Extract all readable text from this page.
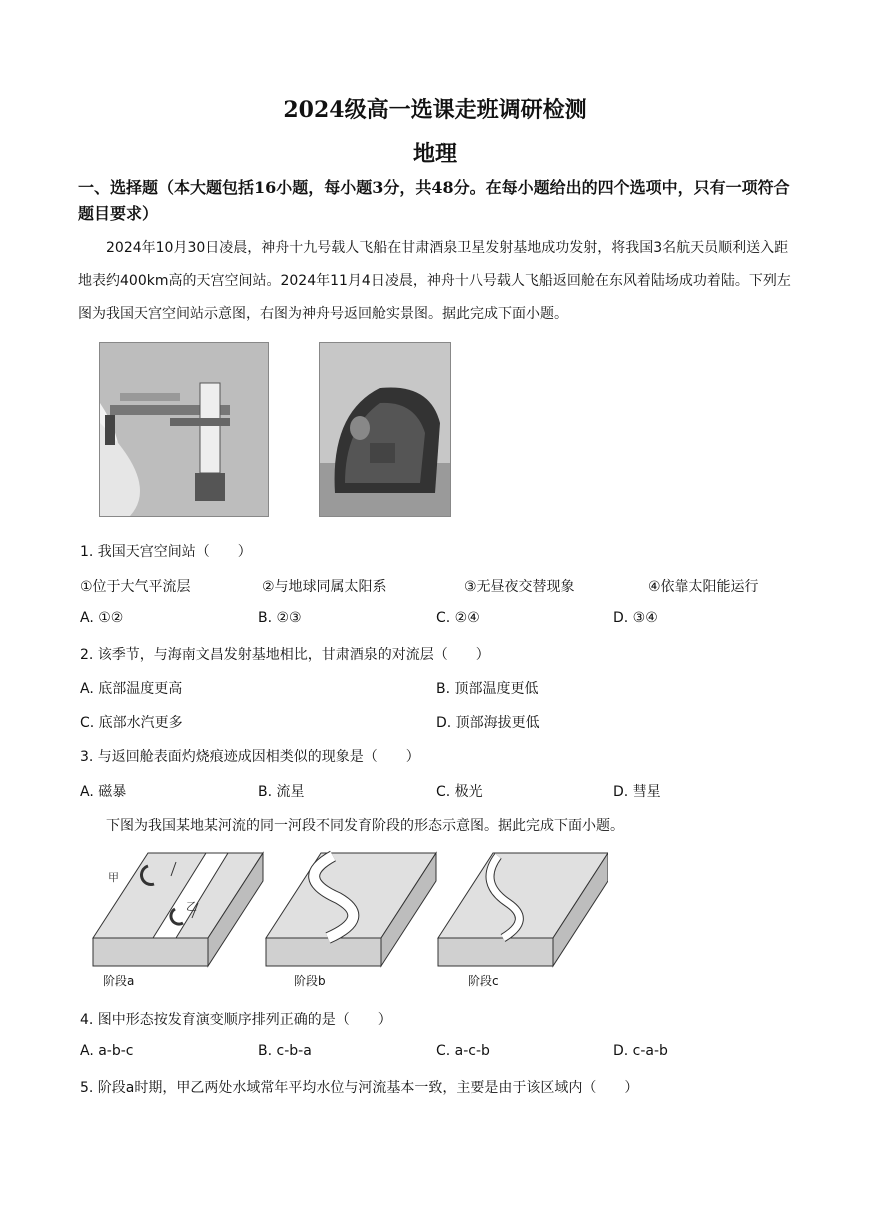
2024级高一选课走班调研检测
地理
一、选择题（本大题包括16小题，每小题3分，共48分。在每小题给出的四个选项中，只有一项符合题目要求）
2024年10月30日凌晨，神舟十九号载人飞船在甘肃酒泉卫星发射基地成功发射，将我国3名航天员顺利送入距地表约400km高的天宫空间站。2024年11月4日凌晨，神舟十八号载人飞船返回舱在东风着陆场成功着陆。下列左图为我国天宫空间站示意图，右图为神舟号返回舱实景图。据此完成下面小题。
1. 我国天宫空间站（　　）
①位于大气平流层	②与地球同属太阳系	③无昼夜交替现象	④依靠太阳能运行
A. ①②	B. ②③	C. ②④	D. ③④
2. 该季节，与海南文昌发射基地相比，甘肃酒泉的对流层（　　）
A. 底部温度更高	B. 顶部温度更低
C. 底部水汽更多	D. 顶部海拔更低
3. 与返回舱表面灼烧痕迹成因相类似的现象是（　　）
A. 磁暴	B. 流星	C. 极光	D. 彗星
下图为我国某地某河流的同一河段不同发育阶段的形态示意图。据此完成下面小题。
甲
乙
阶段a	阶段b	阶段c
4. 图中形态按发育演变顺序排列正确的是（　　）
A. a-b-c	B. c-b-a	C. a-c-b	D. c-a-b
5. 阶段a时期，甲乙两处水域常年平均水位与河流基本一致，主要是由于该区域内（　　）
